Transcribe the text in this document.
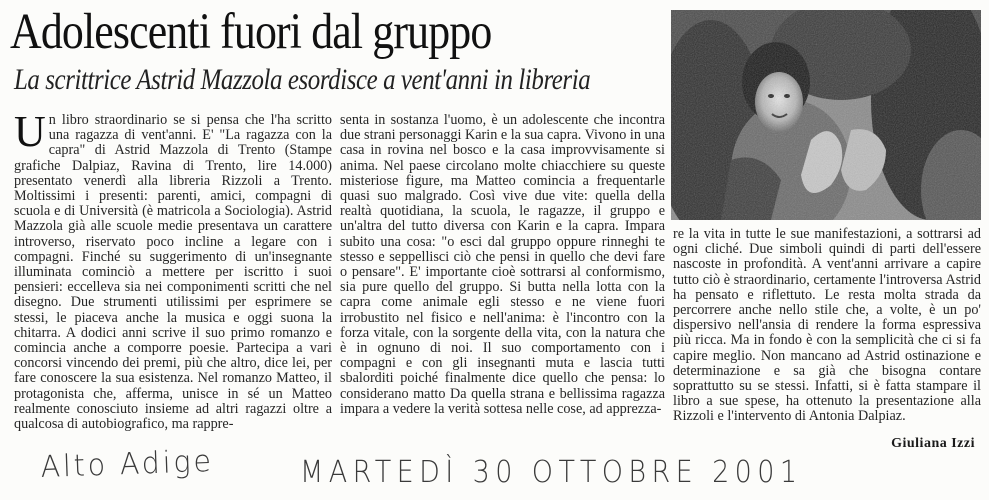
Adolescenti fuori dal gruppo
La scrittrice Astrid Mazzola esordisce a vent'anni in libreria

Un libro straordinario se si pensa che l'ha scritto una ragazza di vent'anni. E' "La ragazza con la capra" di Astrid Mazzola di Trento (Stampe grafiche Dalpiaz, Ravina di Trento, lire 14.000) presentato venerdì alla libreria Rizzoli a Trento. Moltissimi i presenti: parenti, amici, compagni di scuola e di Università (è matricola a Sociologia). Astrid Mazzola già alle scuole medie presentava un carattere introverso, riservato poco incline a legare con i compagni. Finché su suggerimento di un'insegnante illuminata cominciò a mettere per iscritto i suoi pensieri: eccelleva sia nei componimenti scritti che nel disegno. Due strumenti utilissimi per esprimere se stessi, le piaceva anche la musica e oggi suona la chitarra. A dodici anni scrive il suo primo romanzo e comincia anche a comporre poesie. Partecipa a vari concorsi vincendo dei premi, più che altro, dice lei, per fare conoscere la sua esistenza. Nel romanzo Matteo, il protagonista che, afferma, unisce in sé un Matteo realmente conosciuto insieme ad altri ragazzi oltre a qualcosa di autobiografico, ma rappre-

senta in sostanza l'uomo, è un adolescente che incontra due strani personaggi Karin e la sua capra. Vivono in una casa in rovina nel bosco e la casa improvvisamente si anima. Nel paese circolano molte chiacchiere su queste misteriose figure, ma Matteo comincia a frequentarle quasi suo malgrado. Così vive due vite: quella della realtà quotidiana, la scuola, le ragazze, il gruppo e un'altra del tutto diversa con Karin e la capra. Impara subito una cosa: "o esci dal gruppo oppure rinneghi te stesso e seppellisci ciò che pensi in quello che devi fare o pensare". E' importante cioè sottrarsi al conformismo, sia pure quello del gruppo. Si butta nella lotta con la capra come animale egli stesso e ne viene fuori irrobustito nel fisico e nell'anima: è l'incontro con la forza vitale, con la sorgente della vita, con la natura che è in ognuno di noi. Il suo comportamento con i compagni e con gli insegnanti muta e lascia tutti sbalorditi poiché finalmente dice quello che pensa: lo considerano matto Da quella strana e bellissima ragazza impara a vedere la verità sottesa nelle cose, ad apprezza-

re la vita in tutte le sue manifestazioni, a sottrarsi ad ogni cliché. Due simboli quindi di parti dell'essere nascoste in profondità. A vent'anni arrivare a capire tutto ciò è straordinario, certamente l'introversa Astrid ha pensato e riflettuto. Le resta molta strada da percorrere anche nello stile che, a volte, è un po' dispersivo nell'ansia di rendere la forma espressiva più ricca. Ma in fondo è con la semplicità che ci si fa capire meglio. Non mancano ad Astrid ostinazione e determinazione e sa già che bisogna contare soprattutto su se stessi. Infatti, si è fatta stampare il libro a sue spese, ha ottenuto la presentazione alla Rizzoli e l'intervento di Antonia Dalpiaz.

Giuliana Izzi
Alto Adige	MARTEDÌ 30 OTTOBRE 2001
